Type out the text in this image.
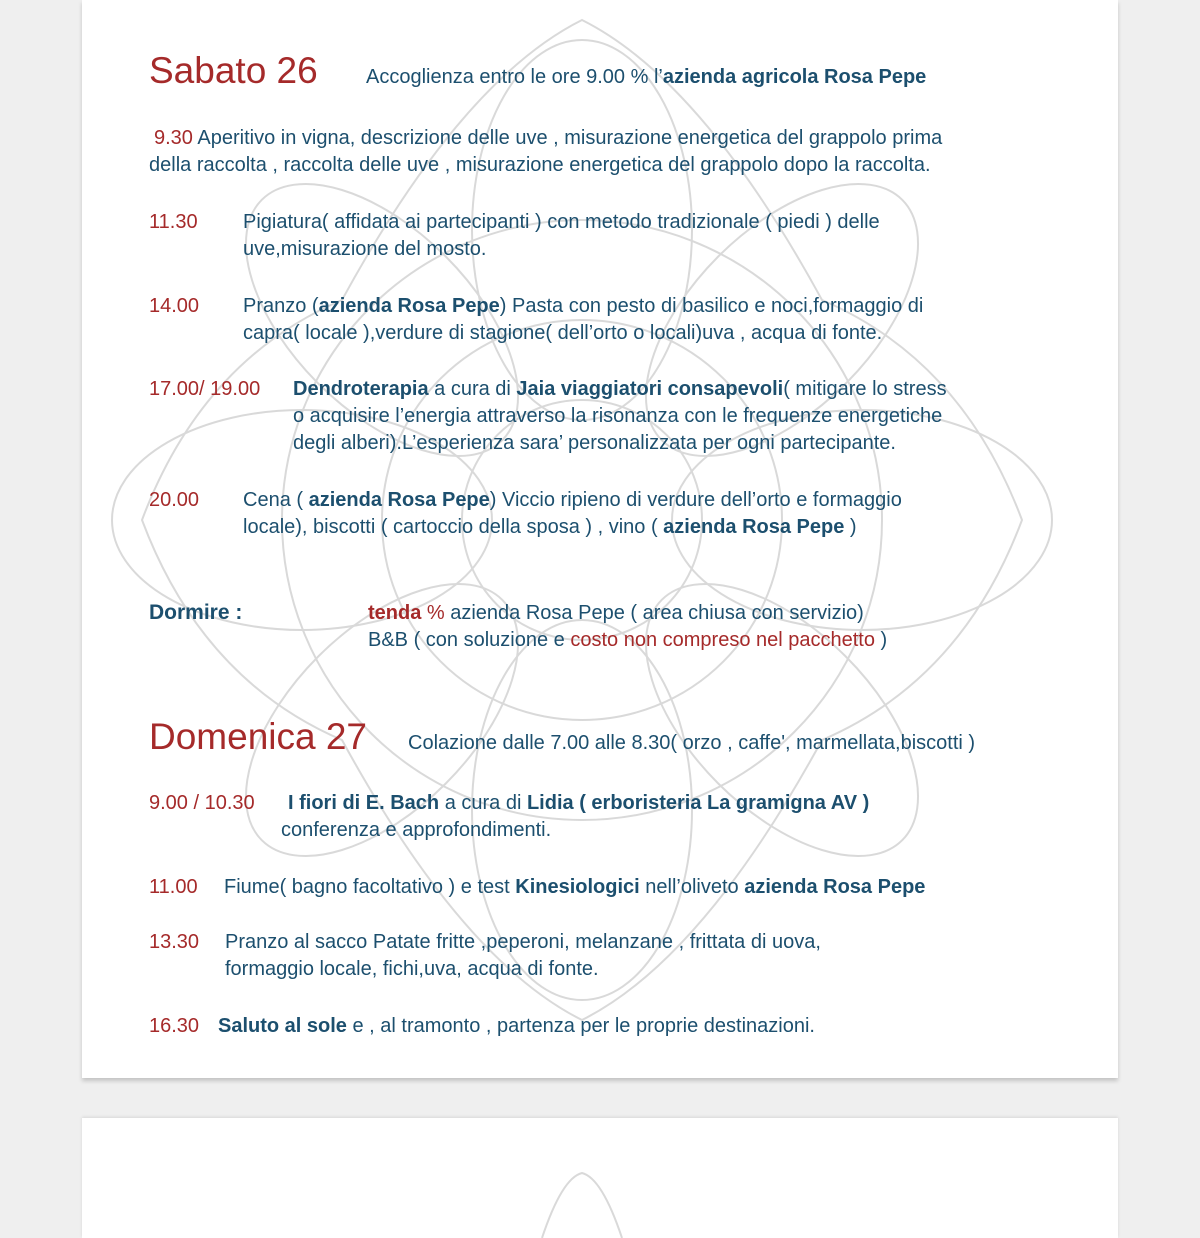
Sabato 26 Accoglienza entro le ore 9.00 % l’azienda agricola Rosa Pepe
9.30 Aperitivo in vigna, descrizione delle uve , misurazione energetica del grappolo prima
della raccolta , raccolta delle uve , misurazione energetica del grappolo dopo la raccolta.
11.30 Pigiatura( affidata ai partecipanti ) con metodo tradizionale ( piedi ) delle
uve,misurazione del mosto.
14.00 Pranzo (azienda Rosa Pepe) Pasta con pesto di basilico e noci,formaggio di
capra( locale ),verdure di stagione( dell’orto o locali)uva , acqua di fonte.
17.00/ 19.00 Dendroterapia a cura di Jaia viaggiatori consapevoli( mitigare lo stress
o acquisire l’energia attraverso la risonanza con le frequenze energetiche
degli alberi).L’esperienza sara’ personalizzata per ogni partecipante.
20.00 Cena ( azienda Rosa Pepe) Viccio ripieno di verdure dell’orto e formaggio
locale), biscotti ( cartoccio della sposa ) , vino ( azienda Rosa Pepe )
Dormire :	tenda % azienda Rosa Pepe ( area chiusa con servizio)
B&B ( con soluzione e costo non compreso nel pacchetto )
Domenica 27 Colazione dalle 7.00 alle 8.30( orzo , caffe', marmellata,biscotti )
9.00 / 10.30 I fiori di E. Bach a cura di Lidia ( erboristeria La gramigna AV )
conferenza e approfondimenti.
11.00 Fiume( bagno facoltativo ) e test Kinesiologici nell’oliveto azienda Rosa Pepe
13.30 Pranzo al sacco Patate fritte ,peperoni, melanzane , frittata di uova,
formaggio locale, fichi,uva, acqua di fonte.
16.30 Saluto al sole e , al tramonto , partenza per le proprie destinazioni.
